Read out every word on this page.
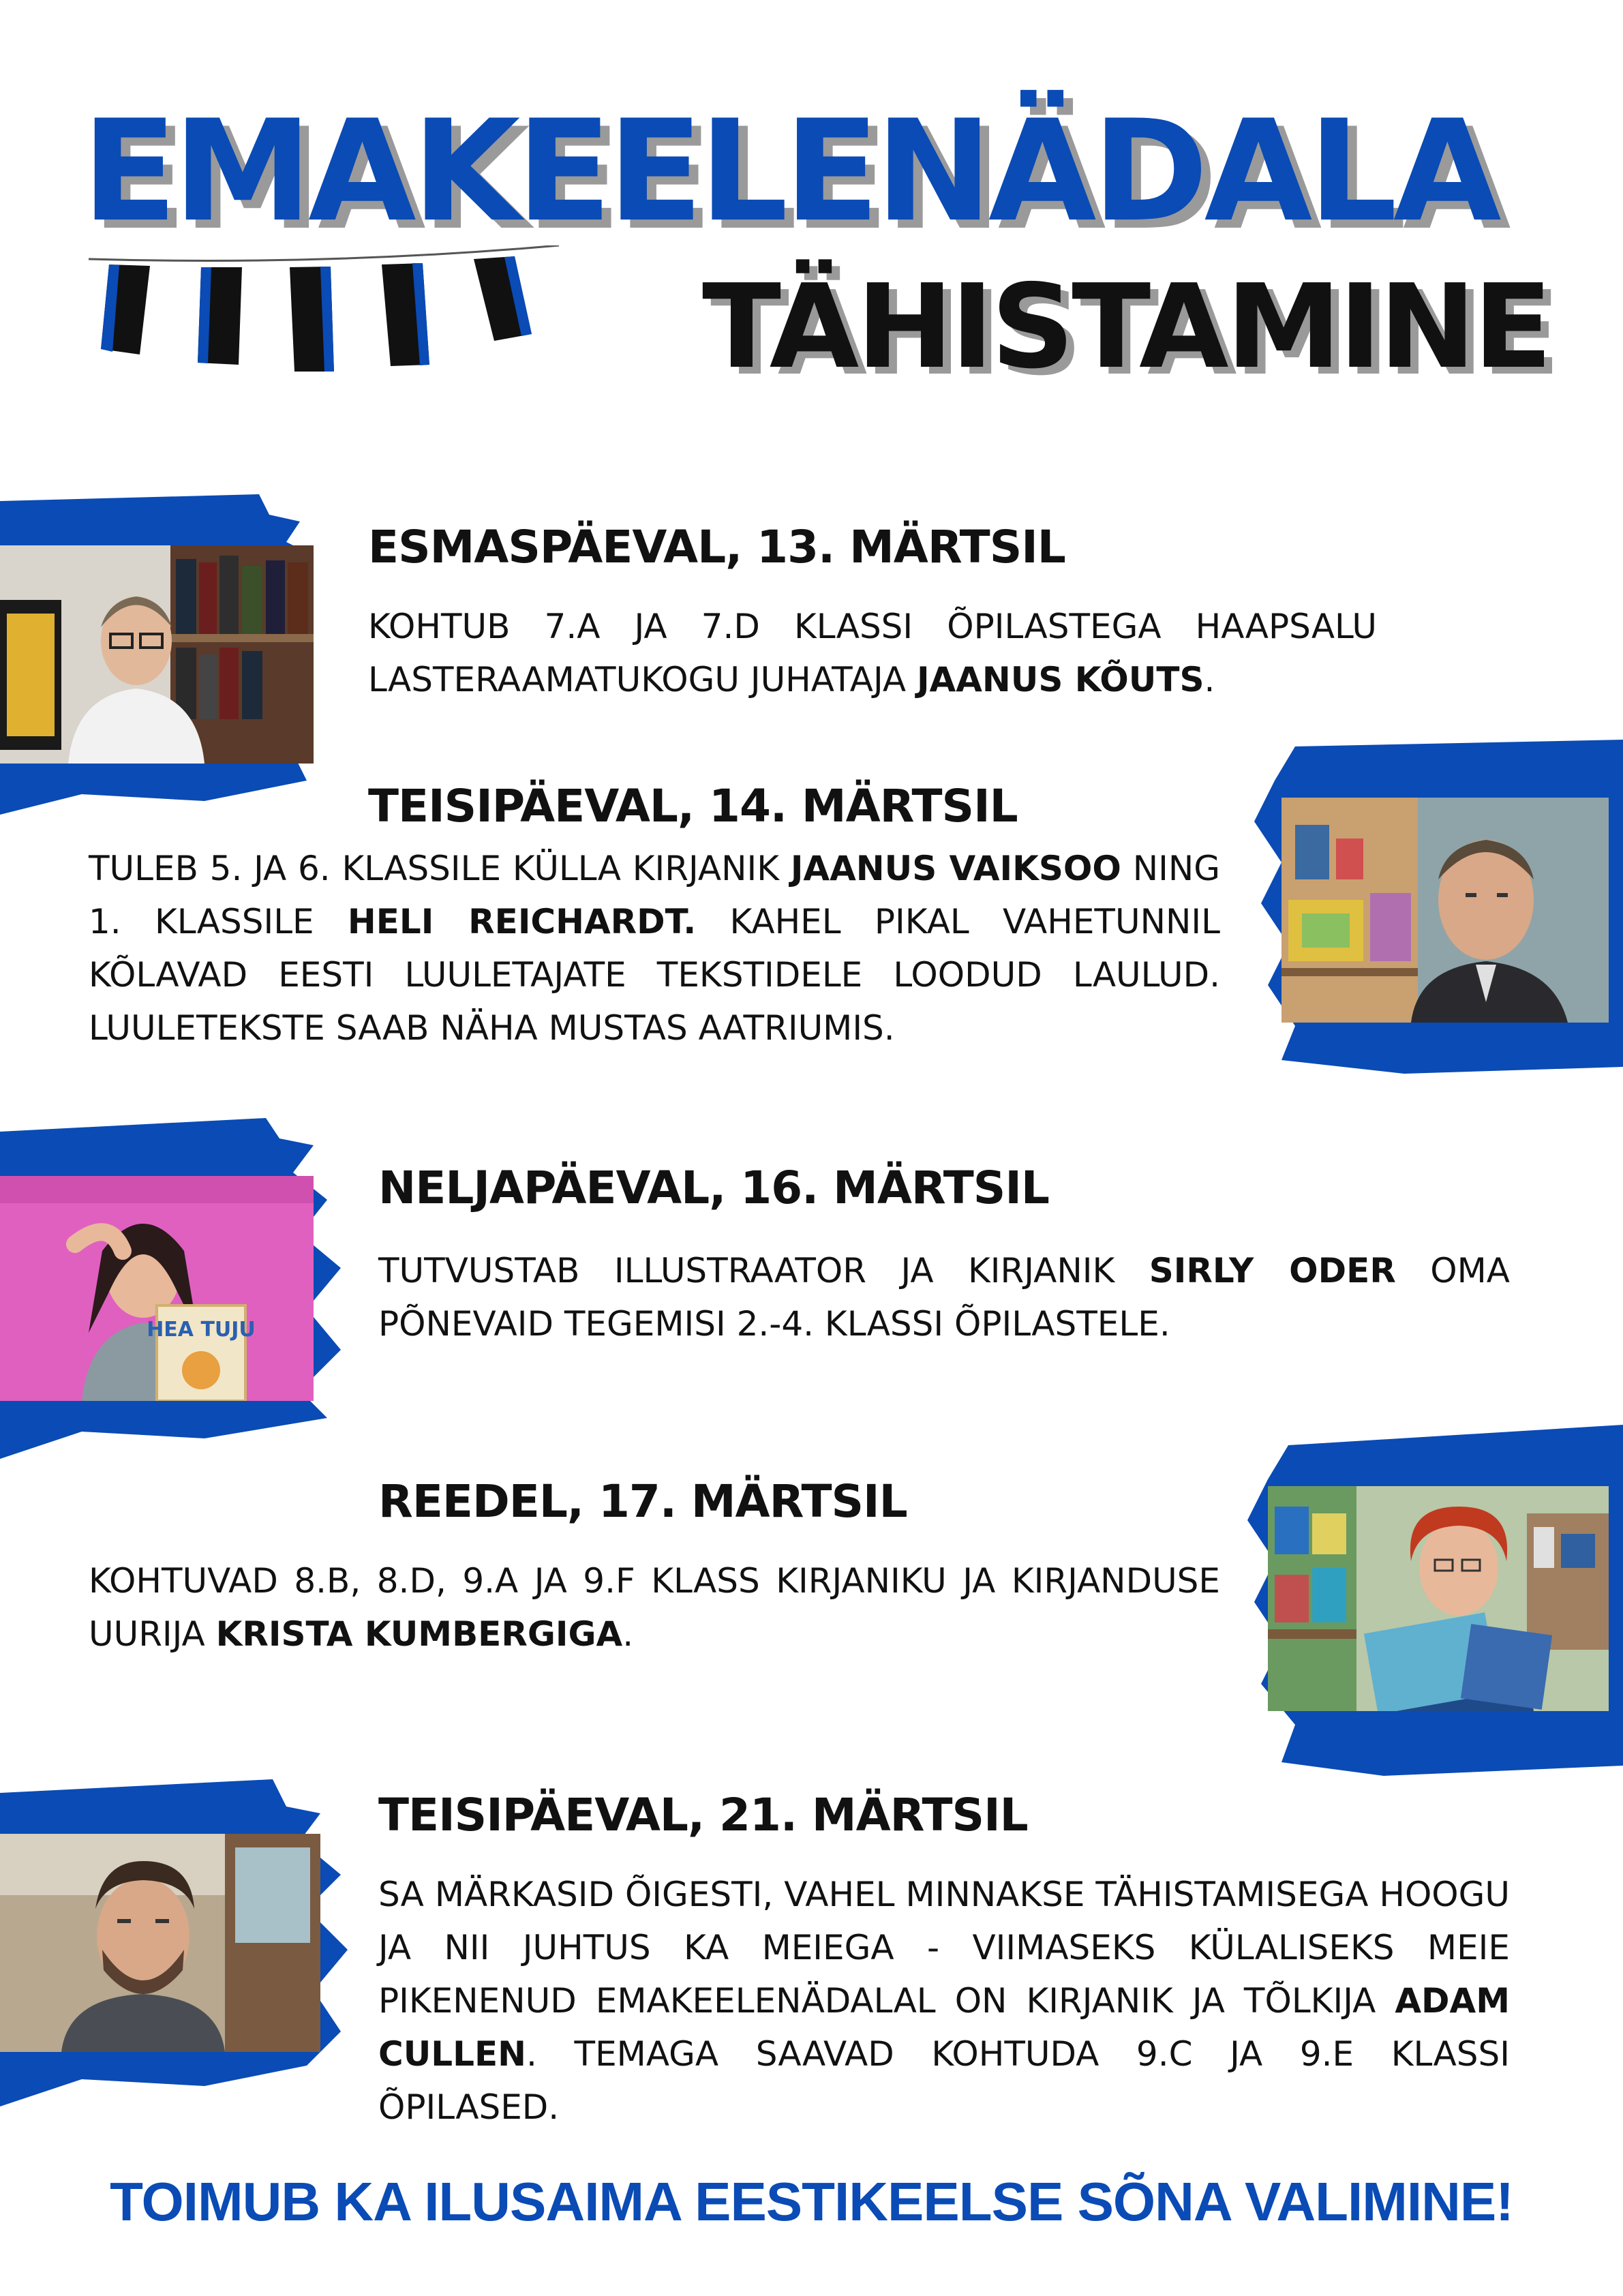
EMAKEELENÄDALA
TÄHISTAMINE
ESMASPÄEVAL, 13. MÄRTSIL
KOHTUB 7.A JA 7.D KLASSI ÕPILASTEGA HAAPSALU LASTERAAMATUKOGU JUHATAJA JAANUS KÕUTS.
TEISIPÄEVAL, 14. MÄRTSIL
TULEB 5. JA 6. KLASSILE KÜLLA KIRJANIK JAANUS VAIKSOO NING 1. KLASSILE HELI REICHARDT. KAHEL PIKAL VAHETUNNIL KÕLAVAD EESTI LUULETAJATE TEKSTIDELE LOODUD LAULUD. LUULETEKSTE SAAB NÄHA MUSTAS AATRIUMIS.
HEA TUJU
NELJAPÄEVAL, 16. MÄRTSIL
TUTVUSTAB ILLUSTRAATOR JA KIRJANIK SIRLY ODER OMA PÕNEVAID TEGEMISI 2.-4. KLASSI ÕPILASTELE.
REEDEL, 17. MÄRTSIL
KOHTUVAD 8.B, 8.D, 9.A JA 9.F KLASS KIRJANIKU JA KIRJANDUSE UURIJA KRISTA KUMBERGIGA.
TEISIPÄEVAL, 21. MÄRTSIL
SA MÄRKASID ÕIGESTI, VAHEL MINNAKSE TÄHISTAMISEGA HOOGU JA NII JUHTUS KA MEIEGA - VIIMASEKS KÜLALISEKS MEIE PIKENENUD EMAKEELENÄDALAL ON KIRJANIK JA TÕLKIJA ADAM CULLEN. TEMAGA SAAVAD KOHTUDA 9.C JA 9.E KLASSI ÕPILASED.
TOIMUB KA ILUSAIMA EESTIKEELSE SÕNA VALIMINE!
